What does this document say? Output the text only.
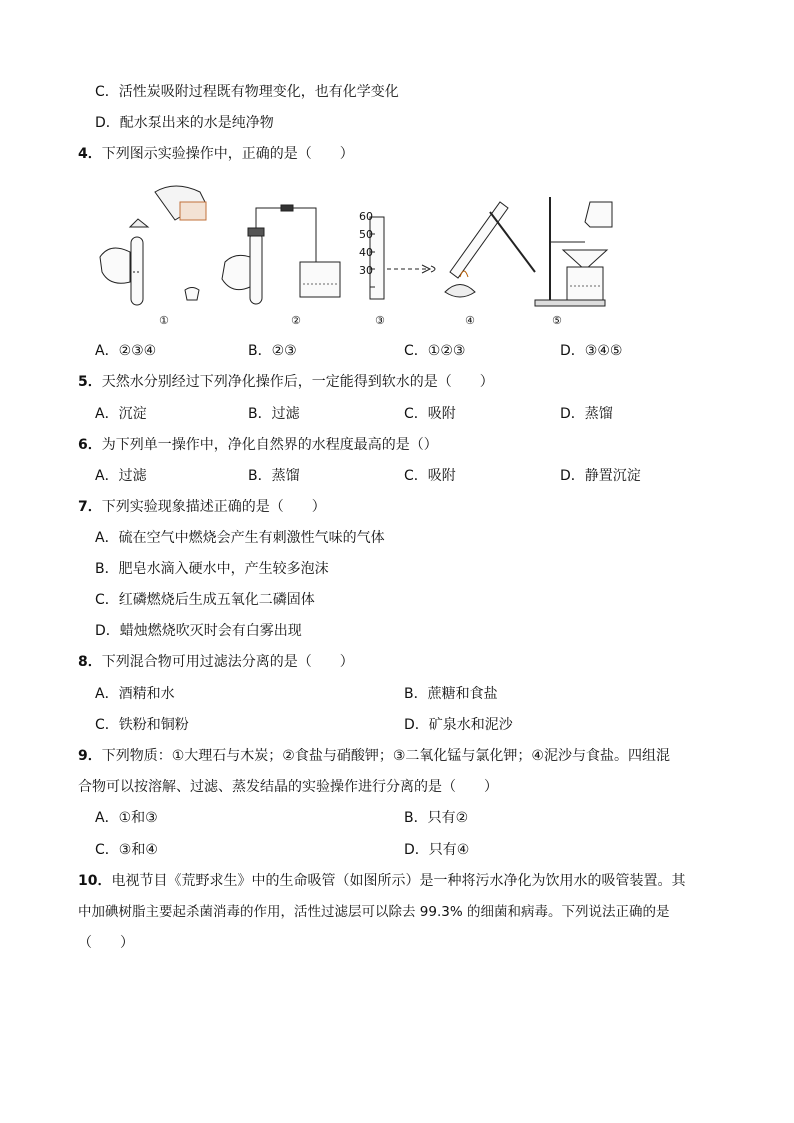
C．活性炭吸附过程既有物理变化，也有化学变化
D．配水泵出来的水是纯净物
4．下列图示实验操作中，正确的是（　　）
60
50
40
30
①	②	③	④	⑤
A．②③④	B．②③	C．①②③	D．③④⑤
5．天然水分别经过下列净化操作后，一定能得到软水的是（　　）
A．沉淀	B．过滤	C．吸附	D．蒸馏
6．为下列单一操作中，净化自然界的水程度最高的是（）
A．过滤	B．蒸馏	C．吸附	D．静置沉淀
7．下列实验现象描述正确的是（　　）
A．硫在空气中燃烧会产生有刺激性气味的气体
B．肥皂水滴入硬水中，产生较多泡沫
C．红磷燃烧后生成五氧化二磷固体
D．蜡烛燃烧吹灭时会有白雾出现
8．下列混合物可用过滤法分离的是（　　）
A．酒精和水	B．蔗糖和食盐
C．铁粉和铜粉	D．矿泉水和泥沙
9．下列物质：①大理石与木炭；②食盐与硝酸钾；③二氧化锰与氯化钾；④泥沙与食盐。四组混
合物可以按溶解、过滤、蒸发结晶的实验操作进行分离的是（　　）
A．①和③	B．只有②
C．③和④	D．只有④
10．电视节目《荒野求生》中的生命吸管（如图所示）是一种将污水净化为饮用水的吸管装置。其
中加碘树脂主要起杀菌消毒的作用，活性过滤层可以除去 99.3% 的细菌和病毒。下列说法正确的是
（　　）
